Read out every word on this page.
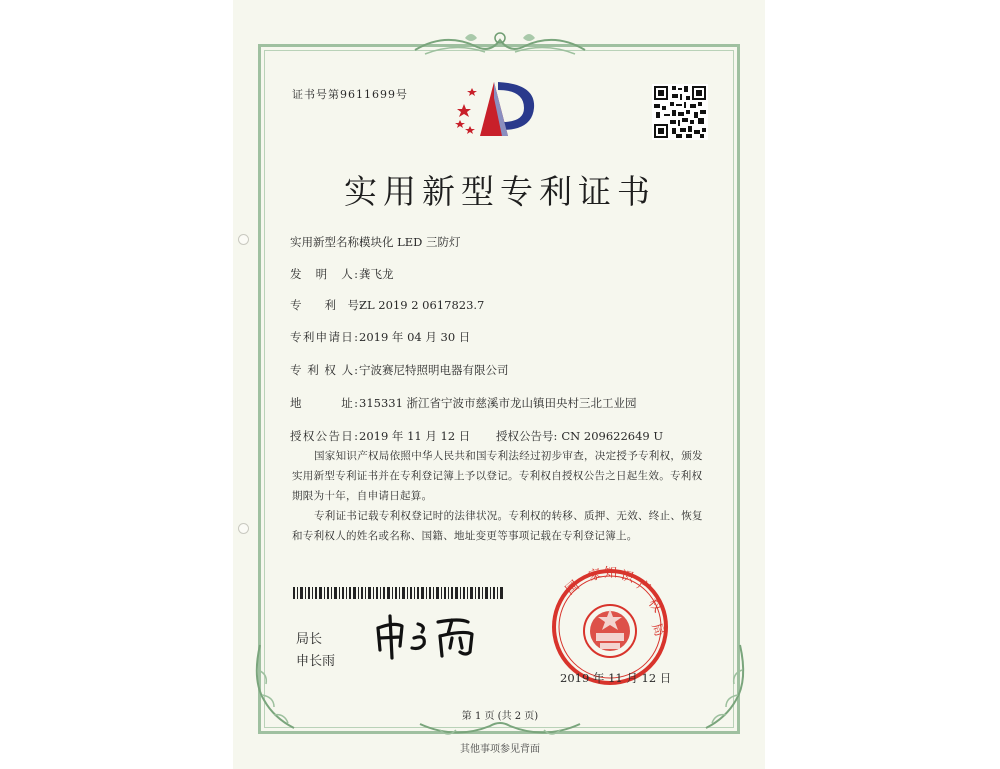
证书号第9611699号
实用新型专利证书
实用新型名称:模块化 LED 三防灯
发　明　人:龚飞龙
专　　利　号:ZL 2019 2 0617823.7
专利申请日:2019 年 04 月 30 日
专 利 权 人:宁波赛尼特照明电器有限公司
地　　　址:315331 浙江省宁波市慈溪市龙山镇田央村三北工业园
授权公告日:2019 年 11 月 12 日 授权公告号: CN 209622649 U
国家知识产权局依照中华人民共和国专利法经过初步审查，决定授予专利权，颁发实用新型专利证书并在专利登记簿上予以登记。专利权自授权公告之日起生效。专利权期限为十年，自申请日起算。
专利证书记载专利权登记时的法律状况。专利权的转移、质押、无效、终止、恢复和专利权人的姓名或名称、国籍、地址变更等事项记载在专利登记簿上。
局长
申长雨
国
家 知 识
产
权
局
2019 年 11 月 12 日
第 1 页 (共 2 页)
其他事项参见背面
